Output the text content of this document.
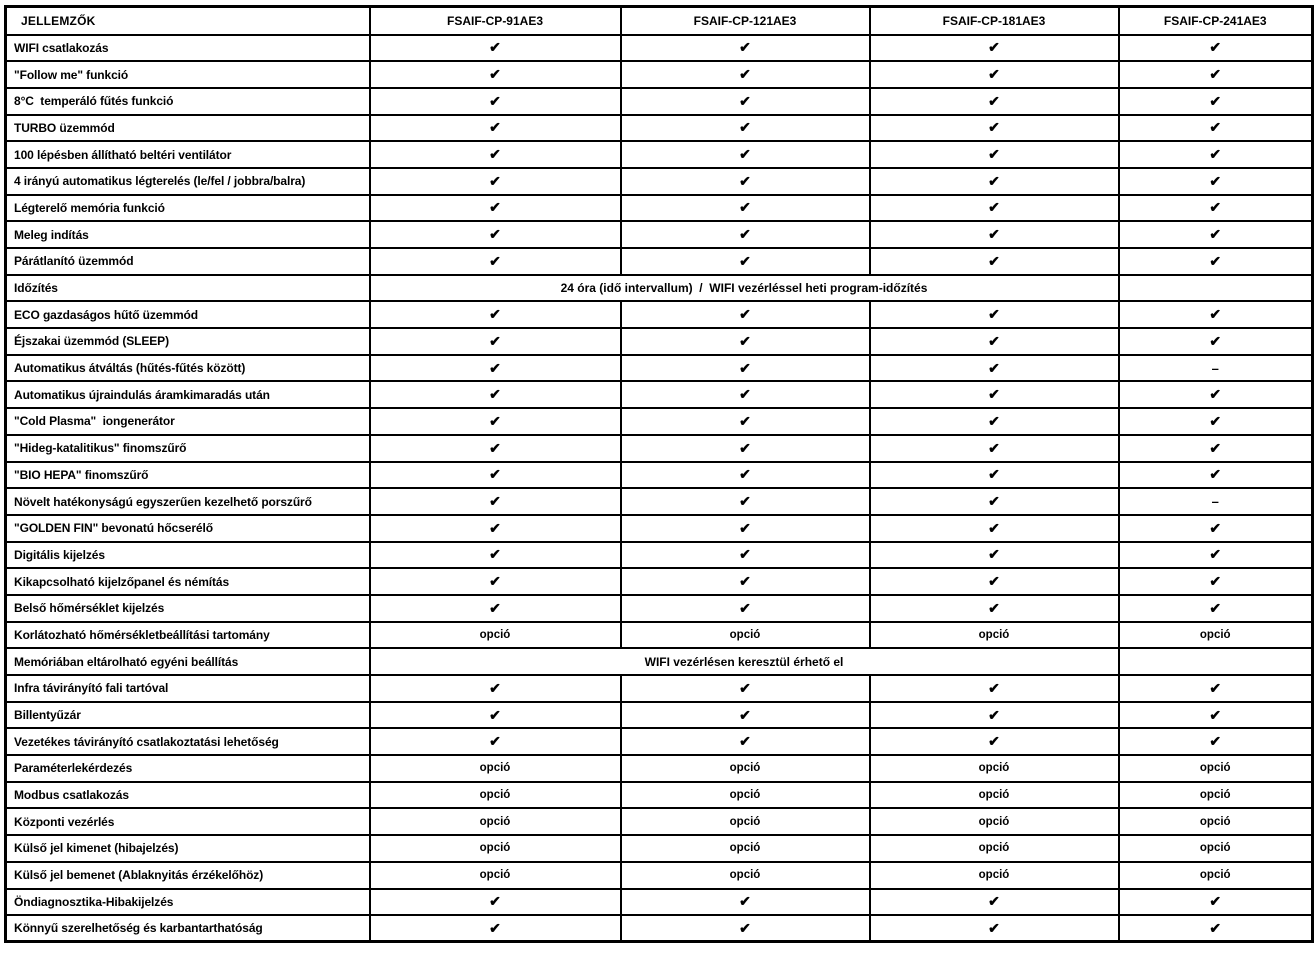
JELLEMZŐK	FSAIF-CP-91AE3	FSAIF-CP-121AE3	FSAIF-CP-181AE3	FSAIF-CP-241AE3
WIFI csatlakozás	✔	✔	✔	✔
"Follow me" funkció	✔	✔	✔	✔
8°C  temperáló fűtés funkció	✔	✔	✔	✔
TURBO üzemmód	✔	✔	✔	✔
100 lépésben állítható beltéri ventilátor	✔	✔	✔	✔
4 irányú automatikus légterelés (le/fel / jobbra/balra)	✔	✔	✔	✔
Légterelő memória funkció	✔	✔	✔	✔
Meleg indítás	✔	✔	✔	✔
Párátlanító üzemmód	✔	✔	✔	✔
Időzítés	24 óra (idő intervallum)  /  WIFI vezérléssel heti program-időzítés			
ECO gazdaságos hűtő üzemmód	✔	✔	✔	✔
Éjszakai üzemmód (SLEEP)	✔	✔	✔	✔
Automatikus átváltás (hűtés-fűtés között)	✔	✔	✔	–
Automatikus újraindulás áramkimaradás után	✔	✔	✔	✔
"Cold Plasma"  iongenerátor	✔	✔	✔	✔
"Hideg-katalitikus" finomszűrő	✔	✔	✔	✔
"BIO HEPA" finomszűrő	✔	✔	✔	✔
Növelt hatékonyságú egyszerűen kezelhető porszűrő	✔	✔	✔	–
"GOLDEN FIN" bevonatú hőcserélő	✔	✔	✔	✔
Digitális kijelzés	✔	✔	✔	✔
Kikapcsolható kijelzőpanel és némítás	✔	✔	✔	✔
Belső hőmérséklet kijelzés	✔	✔	✔	✔
Korlátozható hőmérsékletbeállítási tartomány	opció	opció	opció	opció
Memóriában eltárolható egyéni beállítás	WIFI vezérlésen keresztül érhető el			
Infra távirányító fali tartóval	✔	✔	✔	✔
Billentyűzár	✔	✔	✔	✔
Vezetékes távirányító csatlakoztatási lehetőség	✔	✔	✔	✔
Paraméterlekérdezés	opció	opció	opció	opció
Modbus csatlakozás	opció	opció	opció	opció
Központi vezérlés	opció	opció	opció	opció
Külső jel kimenet (hibajelzés)	opció	opció	opció	opció
Külső jel bemenet (Ablaknyitás érzékelőhöz)	opció	opció	opció	opció
Öndiagnosztika-Hibakijelzés	✔	✔	✔	✔
Könnyű szerelhetőség és karbantarthatóság	✔	✔	✔	✔
